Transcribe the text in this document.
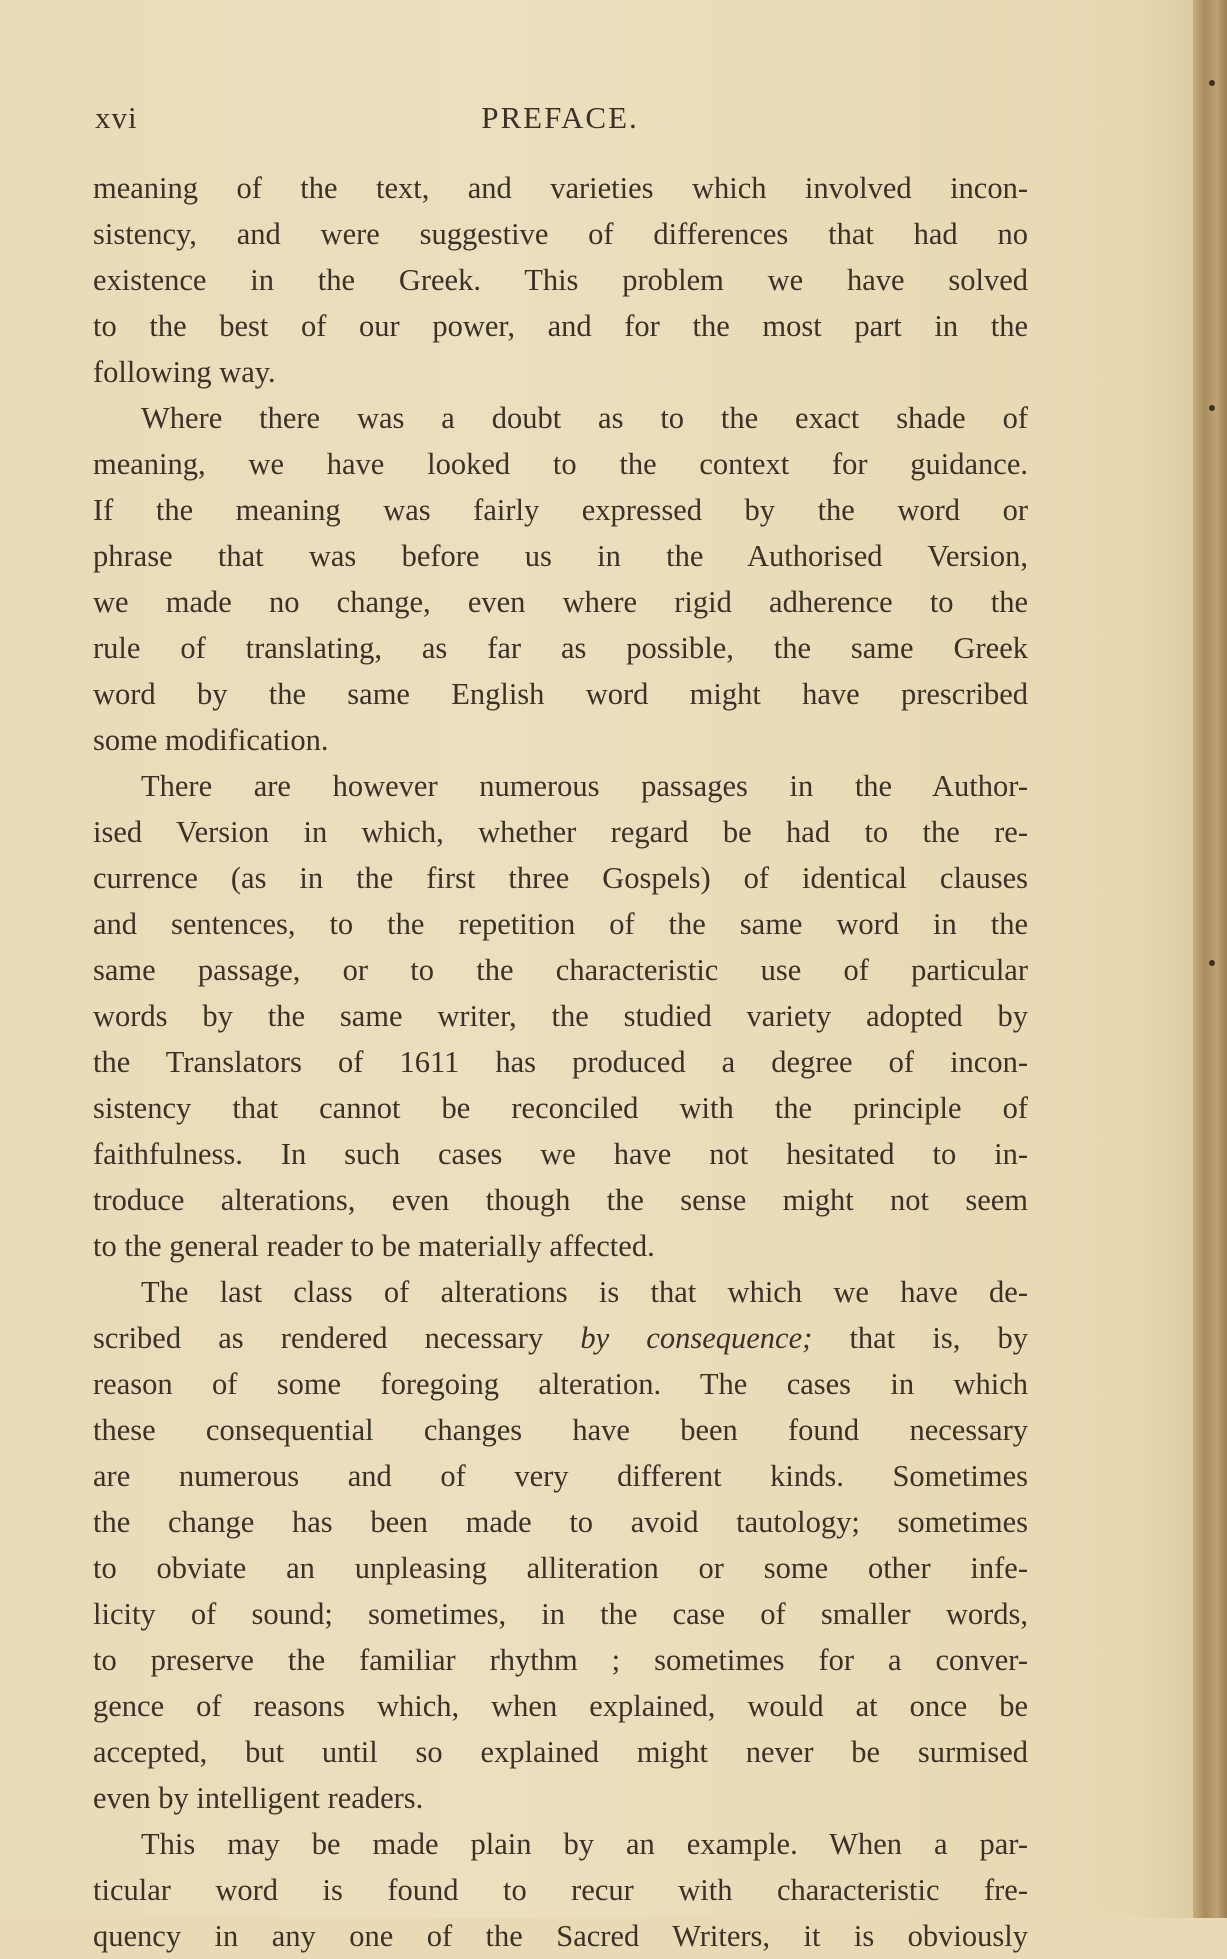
xvi	PREFACE.
meaning of the text, and varieties which involved incon-
sistency, and were suggestive of differences that had no
existence in the Greek. This problem we have solved
to the best of our power, and for the most part in the
following way.
Where there was a doubt as to the exact shade of
meaning, we have looked to the context for guidance.
If the meaning was fairly expressed by the word or
phrase that was before us in the Authorised Version,
we made no change, even where rigid adherence to the
rule of translating, as far as possible, the same Greek
word by the same English word might have prescribed
some modification.
There are however numerous passages in the Author-
ised Version in which, whether regard be had to the re-
currence (as in the first three Gospels) of identical clauses
and sentences, to the repetition of the same word in the
same passage, or to the characteristic use of particular
words by the same writer, the studied variety adopted by
the Translators of 1611 has produced a degree of incon-
sistency that cannot be reconciled with the principle of
faithfulness. In such cases we have not hesitated to in-
troduce alterations, even though the sense might not seem
to the general reader to be materially affected.
The last class of alterations is that which we have de-
scribed as rendered necessary by consequence; that is, by
reason of some foregoing alteration. The cases in which
these consequential changes have been found necessary
are numerous and of very different kinds. Sometimes
the change has been made to avoid tautology; sometimes
to obviate an unpleasing alliteration or some other infe-
licity of sound; sometimes, in the case of smaller words,
to preserve the familiar rhythm ; sometimes for a conver-
gence of reasons which, when explained, would at once be
accepted, but until so explained might never be surmised
even by intelligent readers.
This may be made plain by an example. When a par-
ticular word is found to recur with characteristic fre-
quency in any one of the Sacred Writers, it is obviously
